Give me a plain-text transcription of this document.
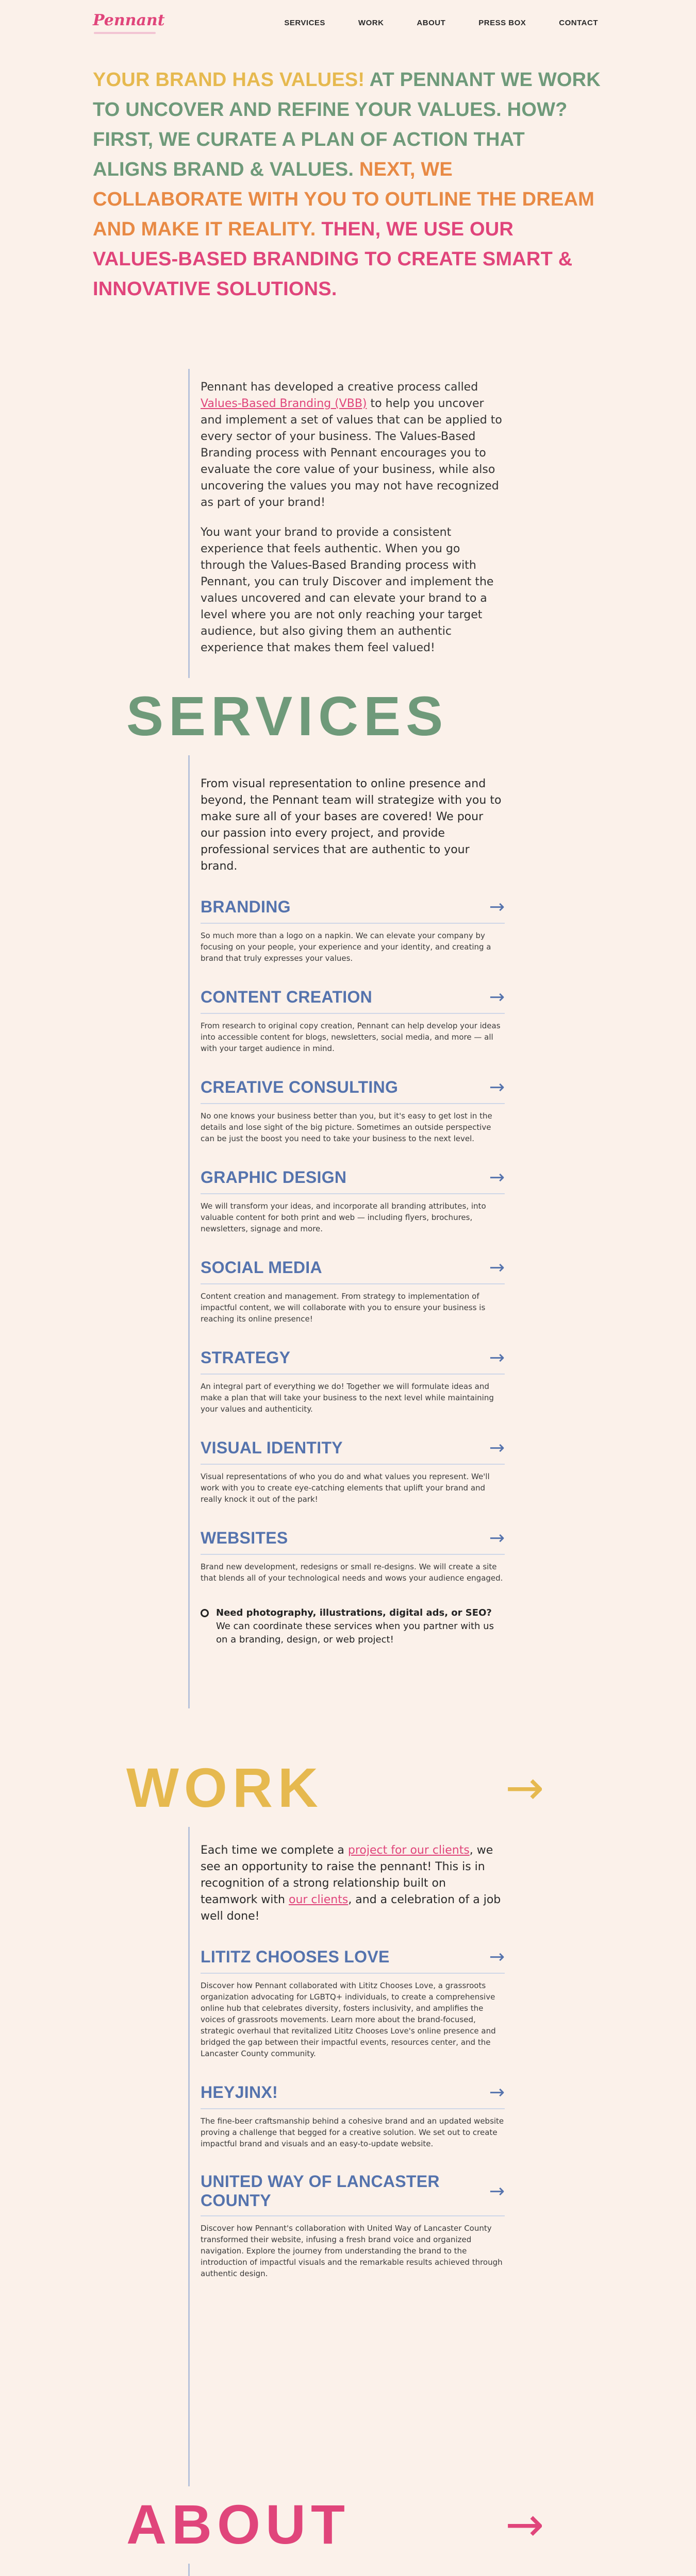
Pennant	SERVICES	WORK	ABOUT	PRESS BOX	CONTACT

YOUR BRAND HAS VALUES! AT PENNANT WE WORK TO UNCOVER AND REFINE YOUR VALUES. HOW? FIRST, WE CURATE A PLAN OF ACTION THAT ALIGNS BRAND & VALUES. NEXT, WE COLLABORATE WITH YOU TO OUTLINE THE DREAM AND MAKE IT REALITY. THEN, WE USE OUR VALUES-BASED BRANDING TO CREATE SMART & INNOVATIVE SOLUTIONS.

Pennant has developed a creative process called Values-Based Branding (VBB) to help you uncover and implement a set of values that can be applied to every sector of your business. The Values-Based Branding process with Pennant encourages you to evaluate the core value of your business, while also uncovering the values you may not have recognized as part of your brand!

You want your brand to provide a consistent experience that feels authentic. When you go through the Values-Based Branding process with Pennant, you can truly Discover and implement the values uncovered and can elevate your brand to a level where you are not only reaching your target audience, but also giving them an authentic experience that makes them feel valued!

SERVICES

From visual representation to online presence and beyond, the Pennant team will strategize with you to make sure all of your bases are covered! We pour our passion into every project, and provide professional services that are authentic to your brand.

BRANDING	→

So much more than a logo on a napkin. We can elevate your company by focusing on your people, your experience and your identity, and creating a brand that truly expresses your values.

CONTENT CREATION	→

From research to original copy creation, Pennant can help develop your ideas into accessible content for blogs, newsletters, social media, and more — all with your target audience in mind.

CREATIVE CONSULTING	→

No one knows your business better than you, but it's easy to get lost in the details and lose sight of the big picture. Sometimes an outside perspective can be just the boost you need to take your business to the next level.

GRAPHIC DESIGN	→

We will transform your ideas, and incorporate all branding attributes, into valuable content for both print and web — including flyers, brochures, newsletters, signage and more.

SOCIAL MEDIA	→

Content creation and management. From strategy to implementation of impactful content, we will collaborate with you to ensure your business is reaching its online presence!

STRATEGY	→

An integral part of everything we do! Together we will formulate ideas and make a plan that will take your business to the next level while maintaining your values and authenticity.

VISUAL IDENTITY	→

Visual representations of who you do and what values you represent. We'll work with you to create eye-catching elements that uplift your brand and really knock it out of the park!

WEBSITES	→

Brand new development, redesigns or small re-designs. We will create a site that blends all of your technological needs and wows your audience engaged.

Need photography, illustrations, digital ads, or SEO? We can coordinate these services when you partner with us on a branding, design, or web project!

WORK	→

Each time we complete a project for our clients, we see an opportunity to raise the pennant! This is in recognition of a strong relationship built on teamwork with our clients, and a celebration of a job well done!

LITITZ CHOOSES LOVE	→

Discover how Pennant collaborated with Lititz Chooses Love, a grassroots organization advocating for LGBTQ+ individuals, to create a comprehensive online hub that celebrates diversity, fosters inclusivity, and amplifies the voices of grassroots movements. Learn more about the brand-focused, strategic overhaul that revitalized Lititz Chooses Love's online presence and bridged the gap between their impactful events, resources center, and the Lancaster County community.

HEYJINX!	→

The fine-beer craftsmanship behind a cohesive brand and an updated website proving a challenge that begged for a creative solution. We set out to create impactful brand and visuals and an easy-to-update website.

UNITED WAY OF LANCASTER COUNTY	→

Discover how Pennant's collaboration with United Way of Lancaster County transformed their website, infusing a fresh brand voice and organized navigation. Explore the journey from understanding the brand to the introduction of impactful visuals and the remarkable results achieved through authentic design.

ABOUT	→
